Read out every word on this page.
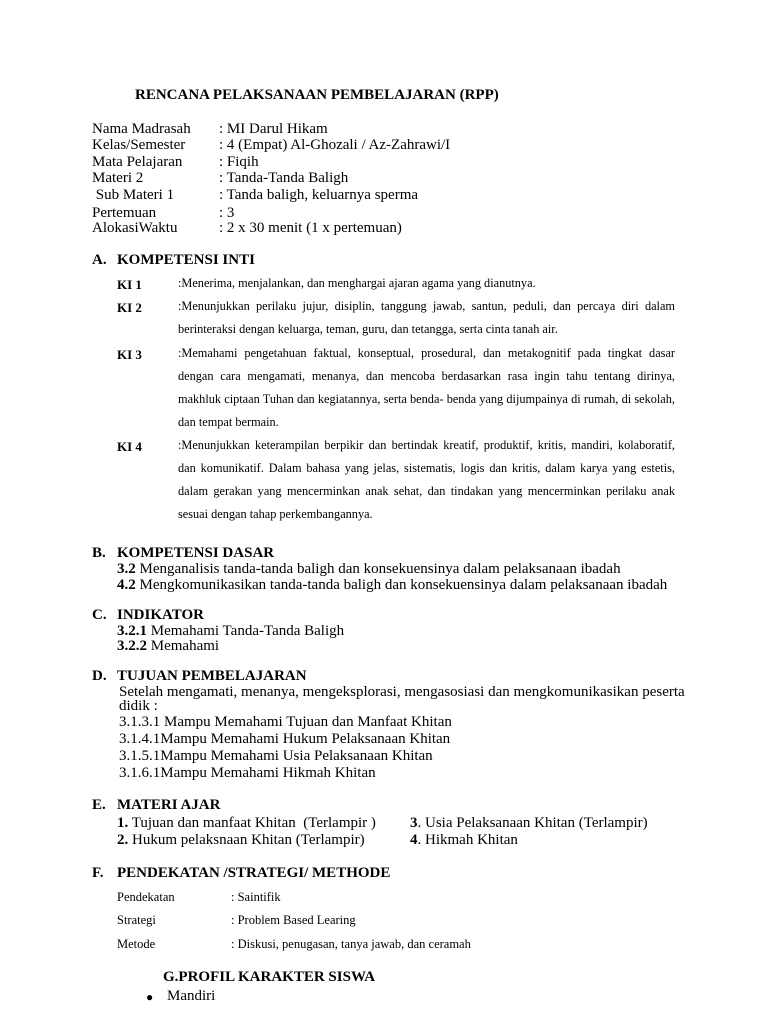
RENCANA PELAKSANAAN PEMBELAJARAN (RPP)
Nama Madrasah : MI Darul Hikam
Kelas/Semester : 4 (Empat) Al-Ghozali / Az-Zahrawi/I
Mata Pelajaran : Fiqih
Materi 2	: Tanda-Tanda Baligh
Sub Materi 1	: Tanda baligh, keluarnya sperma
Pertemuan	: 3
AlokasiWaktu	: 2 x 30 menit (1 x pertemuan)
A. KOMPETENSI INTI
KI 1	:Menerima, menjalankan, dan menghargai ajaran agama yang dianutnya.
KI 2	:Menunjukkan perilaku jujur, disiplin, tanggung jawab, santun, peduli, dan percaya diri dalam berinteraksi dengan keluarga, teman, guru, dan tetangga, serta cinta tanah air.
KI 3	:Memahami pengetahuan faktual, konseptual, prosedural, dan metakognitif pada tingkat dasar dengan cara mengamati, menanya, dan mencoba berdasarkan rasa ingin tahu tentang dirinya, makhluk ciptaan Tuhan dan kegiatannya, serta benda- benda yang dijumpainya di rumah, di sekolah, dan tempat bermain.
KI 4	:Menunjukkan keterampilan berpikir dan bertindak kreatif, produktif, kritis, mandiri, kolaboratif, dan komunikatif. Dalam bahasa yang jelas, sistematis, logis dan kritis, dalam karya yang estetis, dalam gerakan yang mencerminkan anak sehat, dan tindakan yang mencerminkan perilaku anak sesuai dengan tahap perkembangannya.
B. KOMPETENSI DASAR
3.2 Menganalisis tanda-tanda baligh dan konsekuensinya dalam pelaksanaan ibadah
4.2 Mengkomunikasikan tanda-tanda baligh dan konsekuensinya dalam pelaksanaan ibadah
C. INDIKATOR
3.2.1 Memahami Tanda-Tanda Baligh
3.2.2 Memahami
D. TUJUAN PEMBELAJARAN
Setelah mengamati, menanya, mengeksplorasi, mengasosiasi dan mengkomunikasikan peserta
didik :
3.1.3.1 Mampu Memahami Tujuan dan Manfaat Khitan
3.1.4.1Mampu Memahami Hukum Pelaksanaan Khitan
3.1.5.1Mampu Memahami Usia Pelaksanaan Khitan
3.1.6.1Mampu Memahami Hikmah Khitan
E. MATERI AJAR
1. Tujuan dan manfaat Khitan  (Terlampir ) 3. Usia Pelaksanaan Khitan (Terlampir)
2. Hukum pelaksnaan Khitan (Terlampir)	4. Hikmah Khitan
F. PENDEKATAN /STRATEGI/ METHODE
Pendekatan	: Saintifik
Strategi	: Problem Based Learing
Metode	: Diskusi, penugasan, tanya jawab, dan ceramah
G.PROFIL KARAKTER SISWA
● Mandiri
